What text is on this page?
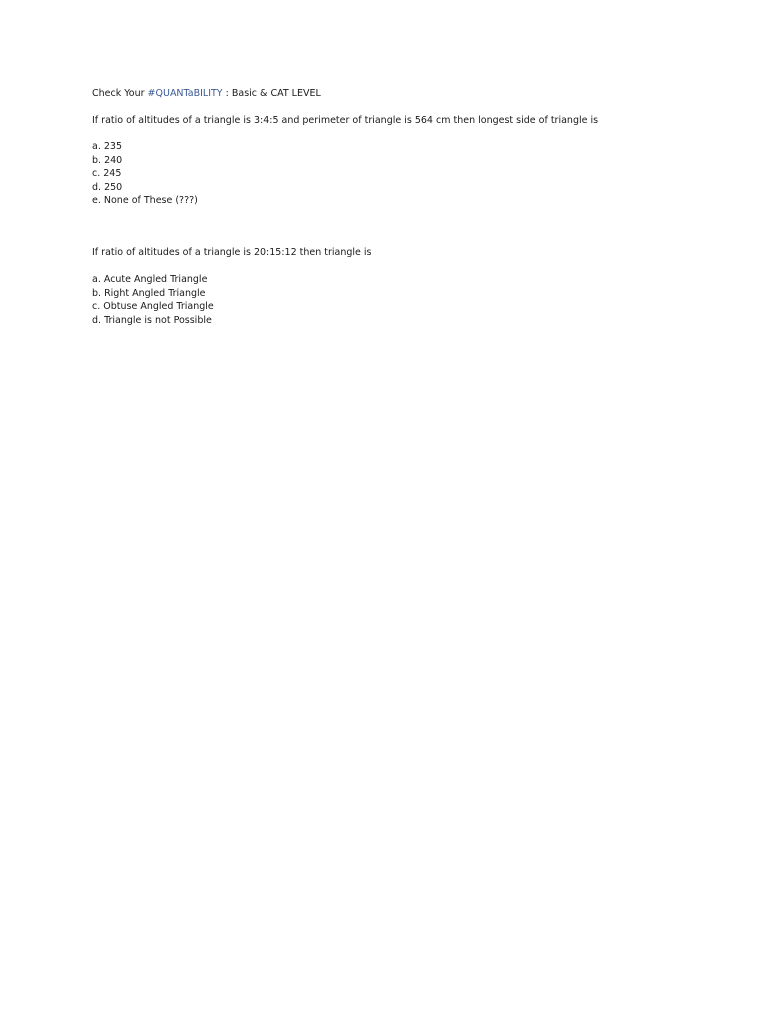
Check Your #QUANTaBILITY : Basic & CAT LEVEL
If ratio of altitudes of a triangle is 3:4:5 and perimeter of triangle is 564 cm then longest side of triangle is
a. 235
b. 240
c. 245
d. 250
e. None of These (???)
If ratio of altitudes of a triangle is 20:15:12 then triangle is
a. Acute Angled Triangle
b. Right Angled Triangle
c. Obtuse Angled Triangle
d. Triangle is not Possible
